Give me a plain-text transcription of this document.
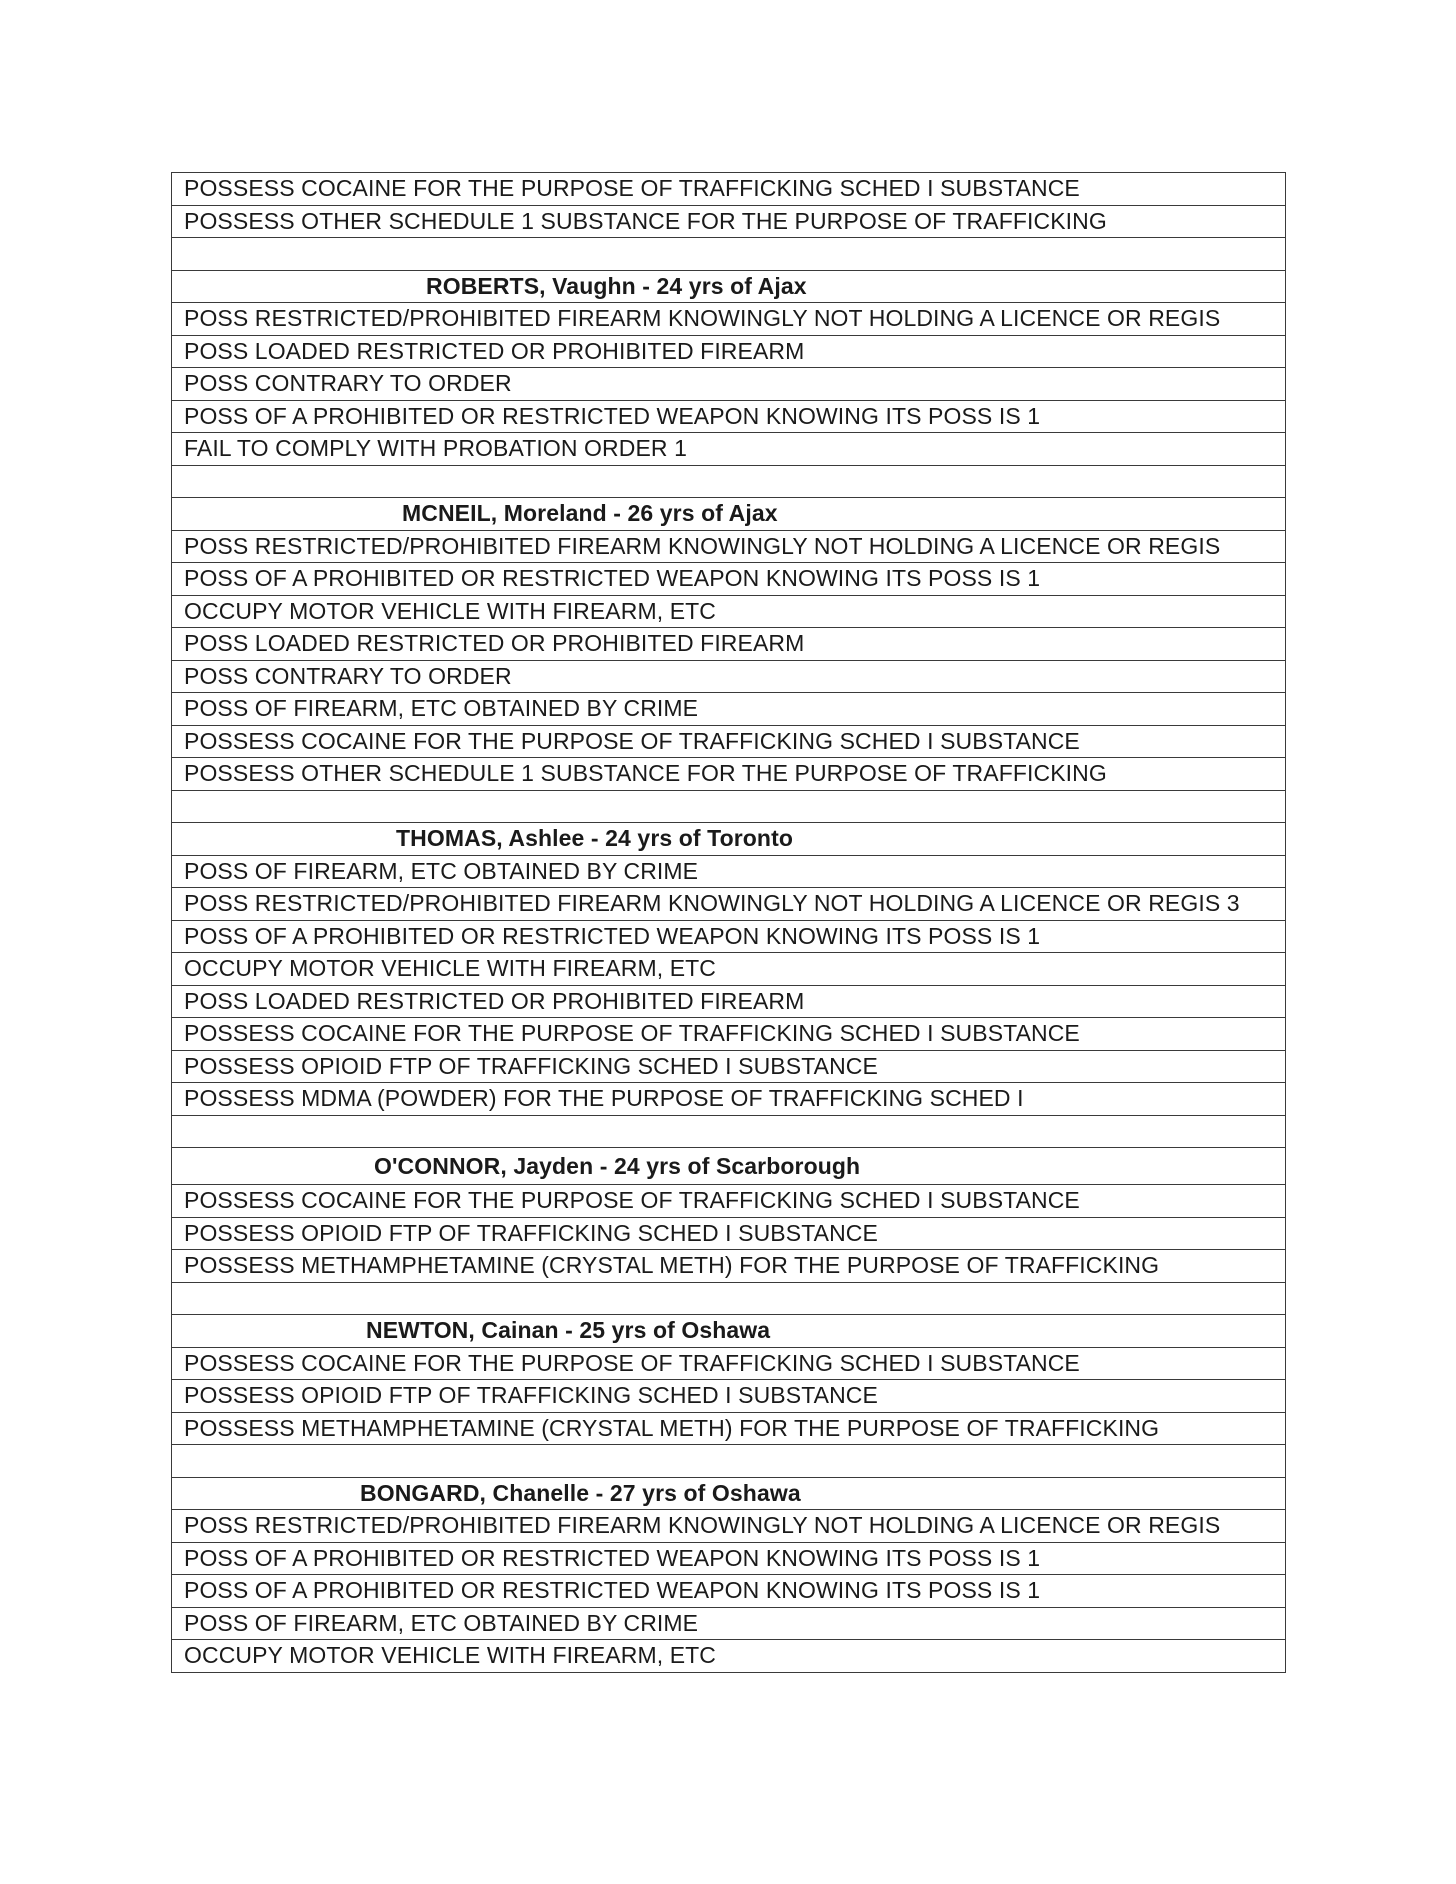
POSSESS COCAINE FOR THE PURPOSE OF TRAFFICKING SCHED I SUBSTANCE
POSSESS OTHER SCHEDULE 1 SUBSTANCE FOR THE PURPOSE OF TRAFFICKING

ROBERTS, Vaughn - 24 yrs of Ajax
POSS RESTRICTED/PROHIBITED FIREARM KNOWINGLY NOT HOLDING A LICENCE OR REGIS
POSS LOADED RESTRICTED OR PROHIBITED FIREARM
POSS CONTRARY TO ORDER
POSS OF A PROHIBITED OR RESTRICTED WEAPON KNOWING ITS POSS IS 1
FAIL TO COMPLY WITH PROBATION ORDER 1

MCNEIL, Moreland - 26 yrs of Ajax
POSS RESTRICTED/PROHIBITED FIREARM KNOWINGLY NOT HOLDING A LICENCE OR REGIS
POSS OF A PROHIBITED OR RESTRICTED WEAPON KNOWING ITS POSS IS 1
OCCUPY MOTOR VEHICLE WITH FIREARM, ETC
POSS LOADED RESTRICTED OR PROHIBITED FIREARM
POSS CONTRARY TO ORDER
POSS OF FIREARM, ETC OBTAINED BY CRIME
POSSESS COCAINE FOR THE PURPOSE OF TRAFFICKING SCHED I SUBSTANCE
POSSESS OTHER SCHEDULE 1 SUBSTANCE FOR THE PURPOSE OF TRAFFICKING

THOMAS, Ashlee - 24 yrs of Toronto
POSS OF FIREARM, ETC OBTAINED BY CRIME
POSS RESTRICTED/PROHIBITED FIREARM KNOWINGLY NOT HOLDING A LICENCE OR REGIS 3
POSS OF A PROHIBITED OR RESTRICTED WEAPON KNOWING ITS POSS IS 1
OCCUPY MOTOR VEHICLE WITH FIREARM, ETC
POSS LOADED RESTRICTED OR PROHIBITED FIREARM
POSSESS COCAINE FOR THE PURPOSE OF TRAFFICKING SCHED I SUBSTANCE
POSSESS OPIOID FTP OF TRAFFICKING SCHED I SUBSTANCE
POSSESS MDMA (POWDER) FOR THE PURPOSE OF TRAFFICKING SCHED I

O'CONNOR, Jayden - 24 yrs of Scarborough
POSSESS COCAINE FOR THE PURPOSE OF TRAFFICKING SCHED I SUBSTANCE
POSSESS OPIOID FTP OF TRAFFICKING SCHED I SUBSTANCE
POSSESS METHAMPHETAMINE (CRYSTAL METH) FOR THE PURPOSE OF TRAFFICKING

NEWTON, Cainan - 25 yrs of Oshawa
POSSESS COCAINE FOR THE PURPOSE OF TRAFFICKING SCHED I SUBSTANCE
POSSESS OPIOID FTP OF TRAFFICKING SCHED I SUBSTANCE
POSSESS METHAMPHETAMINE (CRYSTAL METH) FOR THE PURPOSE OF TRAFFICKING

BONGARD, Chanelle - 27 yrs of Oshawa
POSS RESTRICTED/PROHIBITED FIREARM KNOWINGLY NOT HOLDING A LICENCE OR REGIS
POSS OF A PROHIBITED OR RESTRICTED WEAPON KNOWING ITS POSS IS 1
POSS OF A PROHIBITED OR RESTRICTED WEAPON KNOWING ITS POSS IS 1
POSS OF FIREARM, ETC OBTAINED BY CRIME
OCCUPY MOTOR VEHICLE WITH FIREARM, ETC
